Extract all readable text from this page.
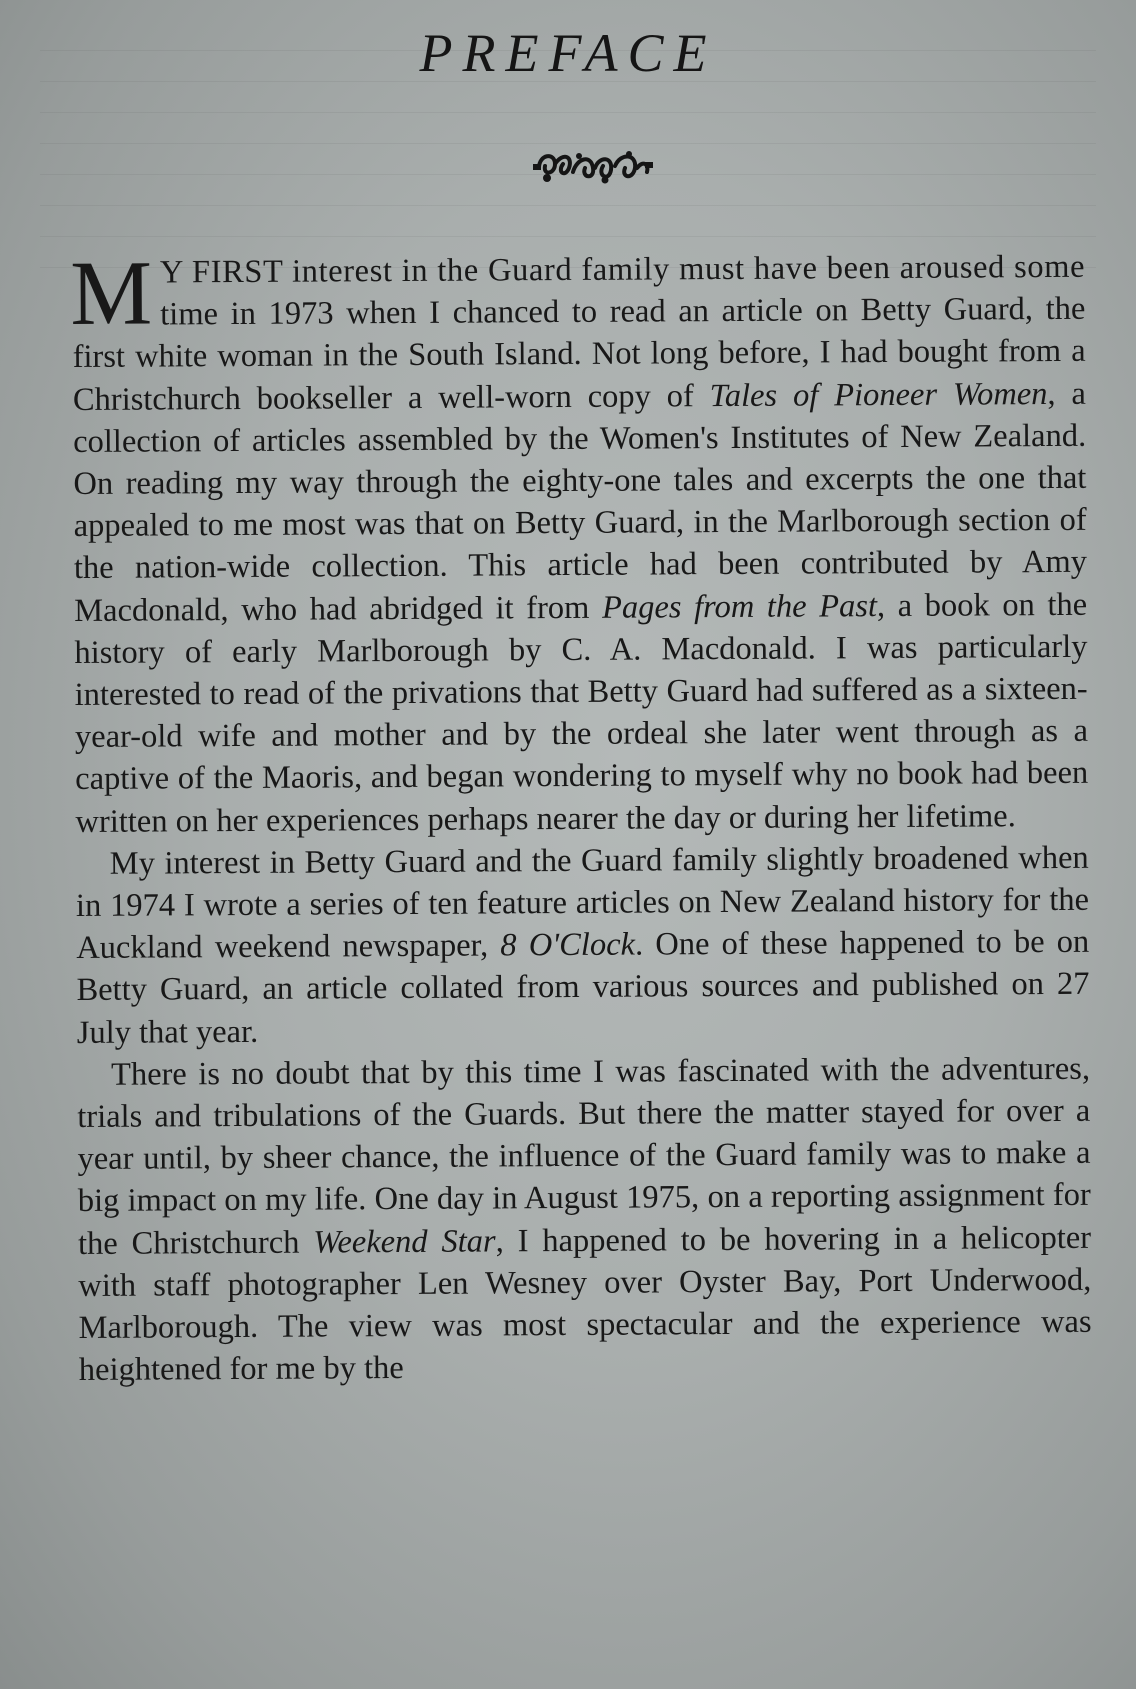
PREFACE

M Y FIRST interest in the Guard family must have been aroused some time in 1973 when I chanced to read an article on Betty Guard, the first white woman in the South Island. Not long before, I had bought from a Christchurch bookseller a well-worn copy of Tales of Pioneer Women, a collection of articles assembled by the Women's Institutes of New Zealand. On reading my way through the eighty-one tales and excerpts the one that appealed to me most was that on Betty Guard, in the Marlborough section of the nation-wide collection. This article had been contributed by Amy Macdonald, who had abridged it from Pages from the Past, a book on the history of early Marlborough by C. A. Macdonald. I was particularly interested to read of the privations that Betty Guard had suffered as a sixteen-year-old wife and mother and by the ordeal she later went through as a captive of the Maoris, and began wondering to myself why no book had been written on her experiences perhaps nearer the day or during her lifetime.

My interest in Betty Guard and the Guard family slightly broadened when in 1974 I wrote a series of ten feature articles on New Zealand history for the Auckland weekend newspaper, 8 O'Clock. One of these happened to be on Betty Guard, an article collated from various sources and published on 27 July that year.

There is no doubt that by this time I was fascinated with the adventures, trials and tribulations of the Guards. But there the matter stayed for over a year until, by sheer chance, the influence of the Guard family was to make a big impact on my life. One day in August 1975, on a reporting assignment for the Christchurch Weekend Star, I happened to be hovering in a helicopter with staff photographer Len Wesney over Oyster Bay, Port Underwood, Marlborough. The view was most spectacular and the experience was heightened for me by the
